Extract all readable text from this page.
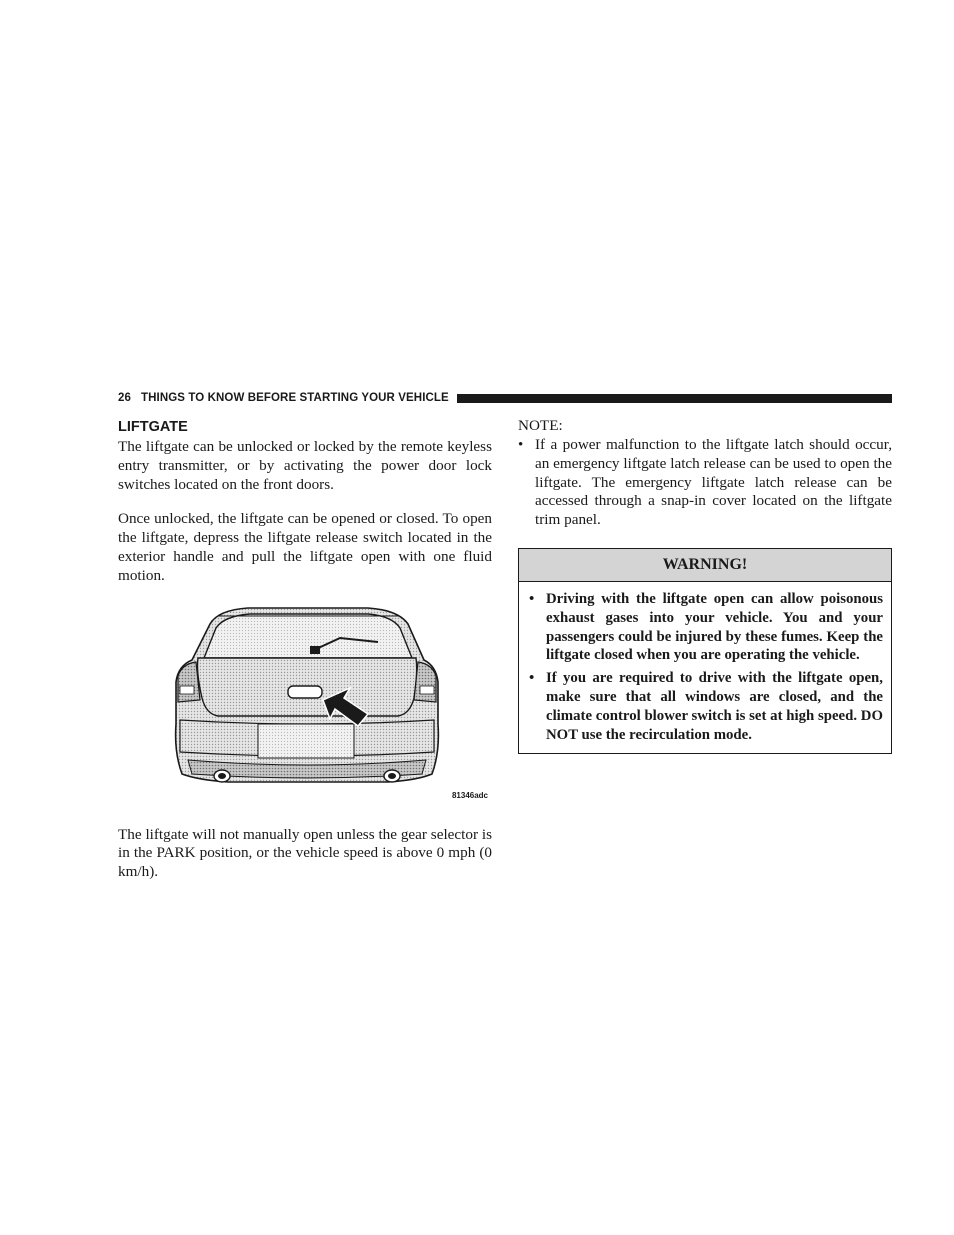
26 THINGS TO KNOW BEFORE STARTING YOUR VEHICLE
LIFTGATE

The liftgate can be unlocked or locked by the remote keyless entry transmitter, or by activating the power door lock switches located on the front doors.

Once unlocked, the liftgate can be opened or closed. To open the liftgate, depress the liftgate release switch located in the exterior handle and pull the liftgate open with one fluid motion.

81346adc

The liftgate will not manually open unless the gear selector is in the PARK position, or the vehicle speed is above 0 mph (0 km/h).

NOTE:
• If a power malfunction to the liftgate latch should occur, an emergency liftgate latch release can be used to open the liftgate. The emergency liftgate latch release can be accessed through a snap-in cover located on the liftgate trim panel.
WARNING!
• Driving with the liftgate open can allow poisonous exhaust gases into your vehicle. You and your passengers could be injured by these fumes. Keep the liftgate closed when you are operating the vehicle.
• If you are required to drive with the liftgate open, make sure that all windows are closed, and the climate control blower switch is set at high speed. DO NOT use the recirculation mode.
